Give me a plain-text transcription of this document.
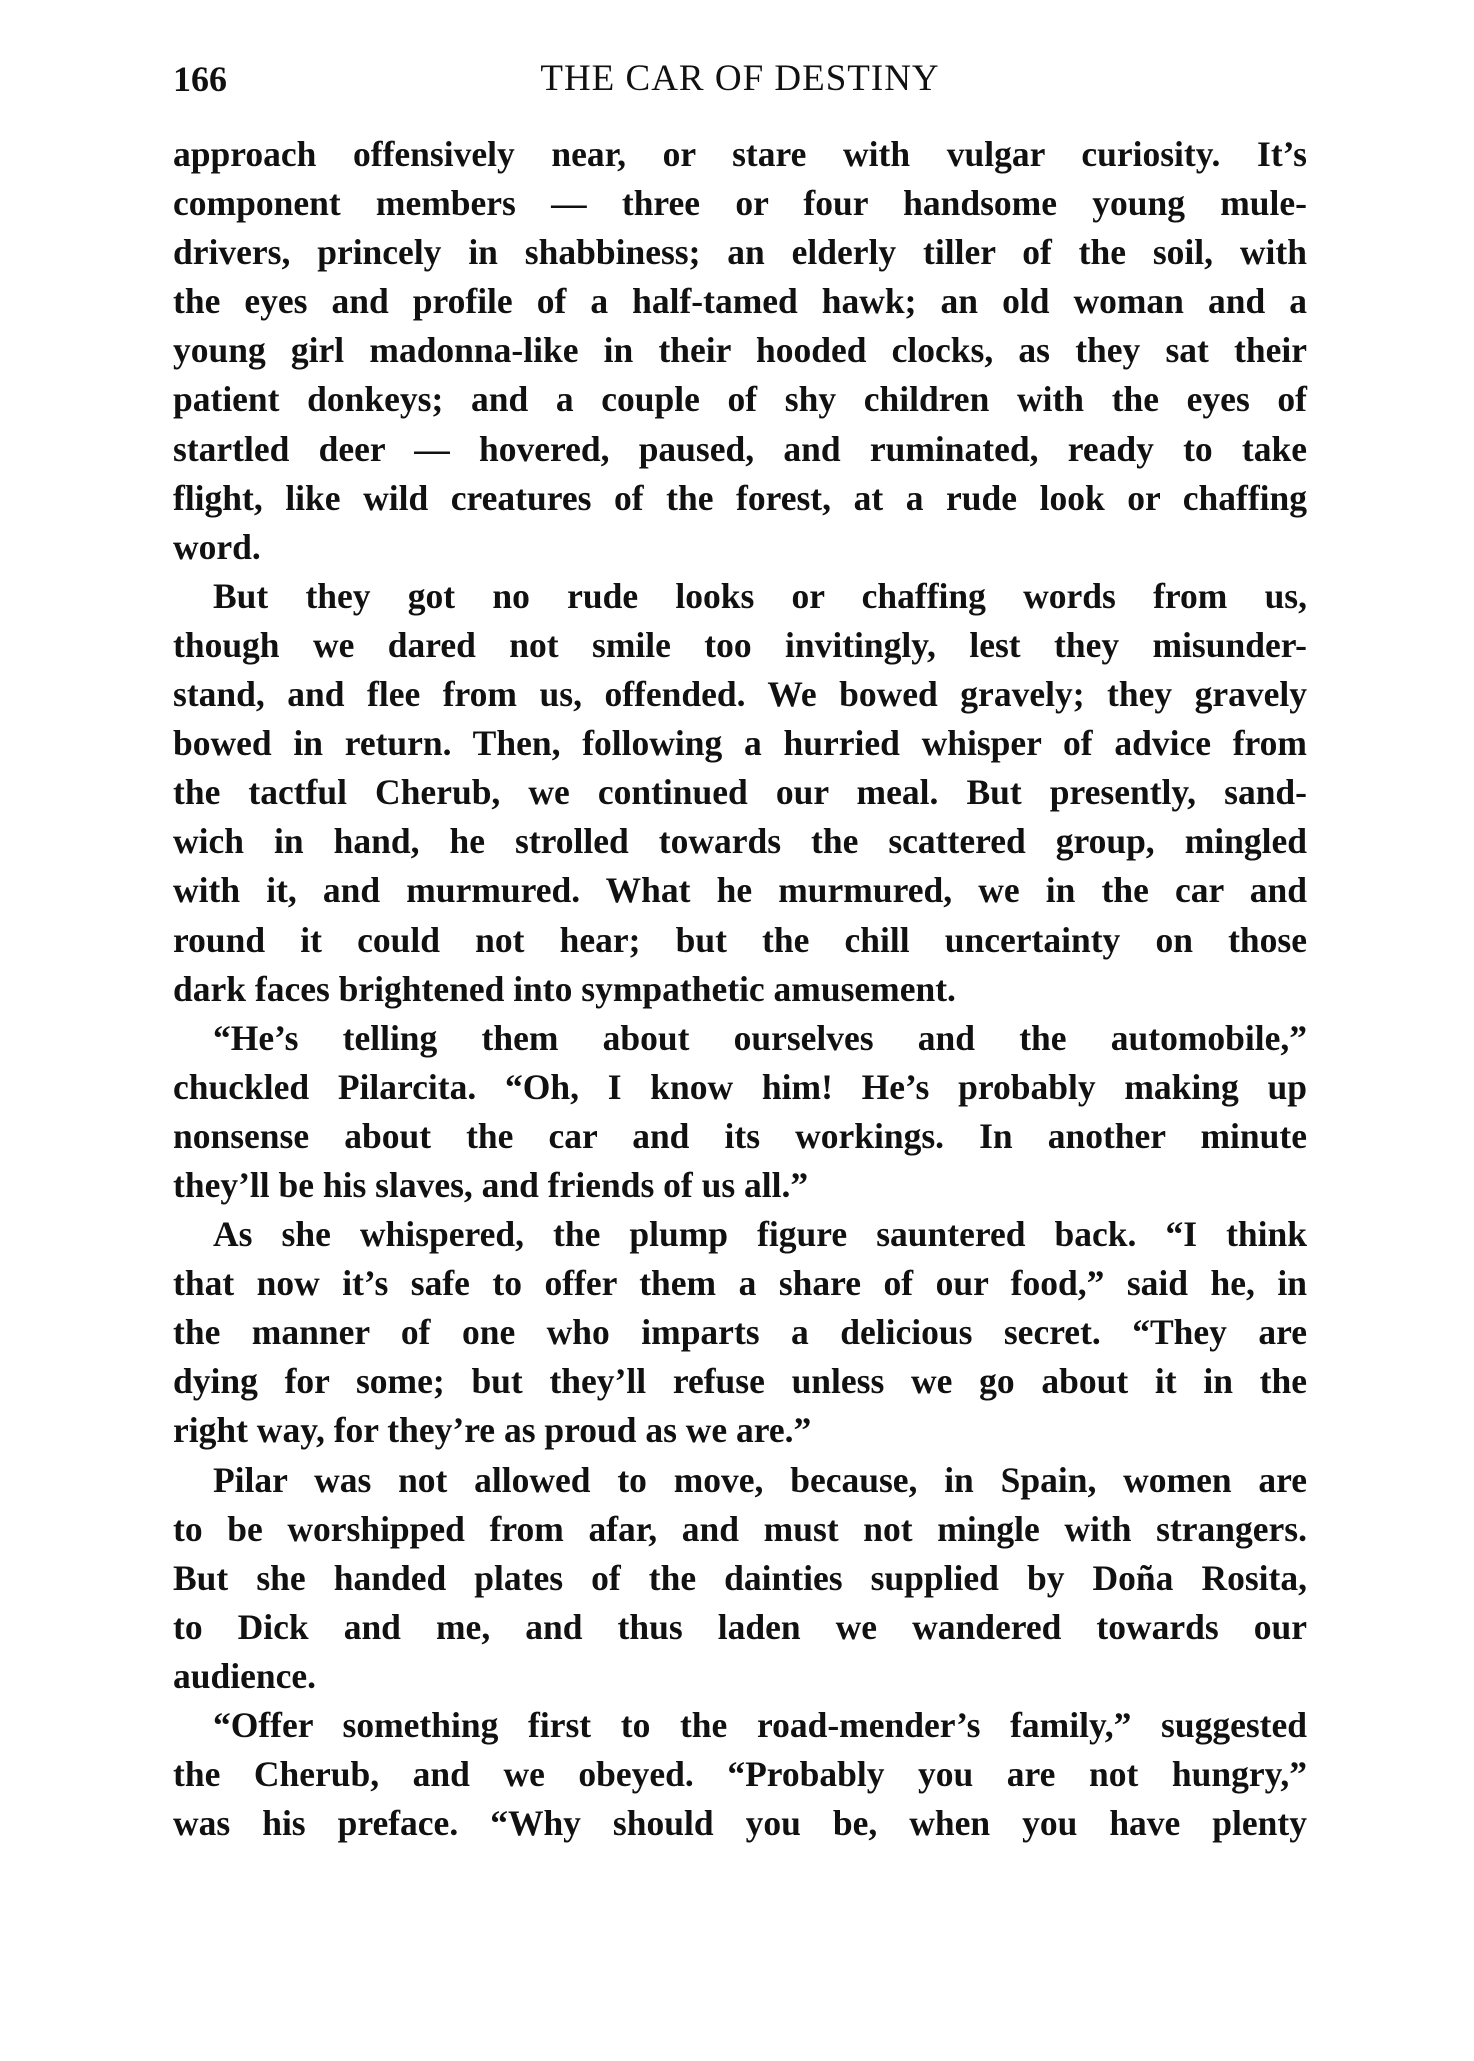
166	THE CAR OF DESTINY
approach offensively near, or stare with vulgar curiosity. It’s
component members — three or four handsome young mule-
drivers, princely in shabbiness; an elderly tiller of the soil, with
the eyes and profile of a half-tamed hawk; an old woman and a
young girl madonna-like in their hooded clocks, as they sat their
patient donkeys; and a couple of shy children with the eyes of
startled deer — hovered, paused, and ruminated, ready to take
flight, like wild creatures of the forest, at a rude look or chaffing
word.
But they got no rude looks or chaffing words from us,
though we dared not smile too invitingly, lest they misunder-
stand, and flee from us, offended. We bowed gravely; they gravely
bowed in return. Then, following a hurried whisper of advice from
the tactful Cherub, we continued our meal. But presently, sand-
wich in hand, he strolled towards the scattered group, mingled
with it, and murmured. What he murmured, we in the car and
round it could not hear; but the chill uncertainty on those
dark faces brightened into sympathetic amusement.
“He’s telling them about ourselves and the automobile,”
chuckled Pilarcita. “Oh, I know him! He’s probably making up
nonsense about the car and its workings. In another minute
they’ll be his slaves, and friends of us all.”
As she whispered, the plump figure sauntered back. “I think
that now it’s safe to offer them a share of our food,” said he, in
the manner of one who imparts a delicious secret. “They are
dying for some; but they’ll refuse unless we go about it in the
right way, for they’re as proud as we are.”
Pilar was not allowed to move, because, in Spain, women are
to be worshipped from afar, and must not mingle with strangers.
But she handed plates of the dainties supplied by Doña Rosita,
to Dick and me, and thus laden we wandered towards our
audience.
“Offer something first to the road-mender’s family,” suggested
the Cherub, and we obeyed. “Probably you are not hungry,”
was his preface. “Why should you be, when you have plenty
